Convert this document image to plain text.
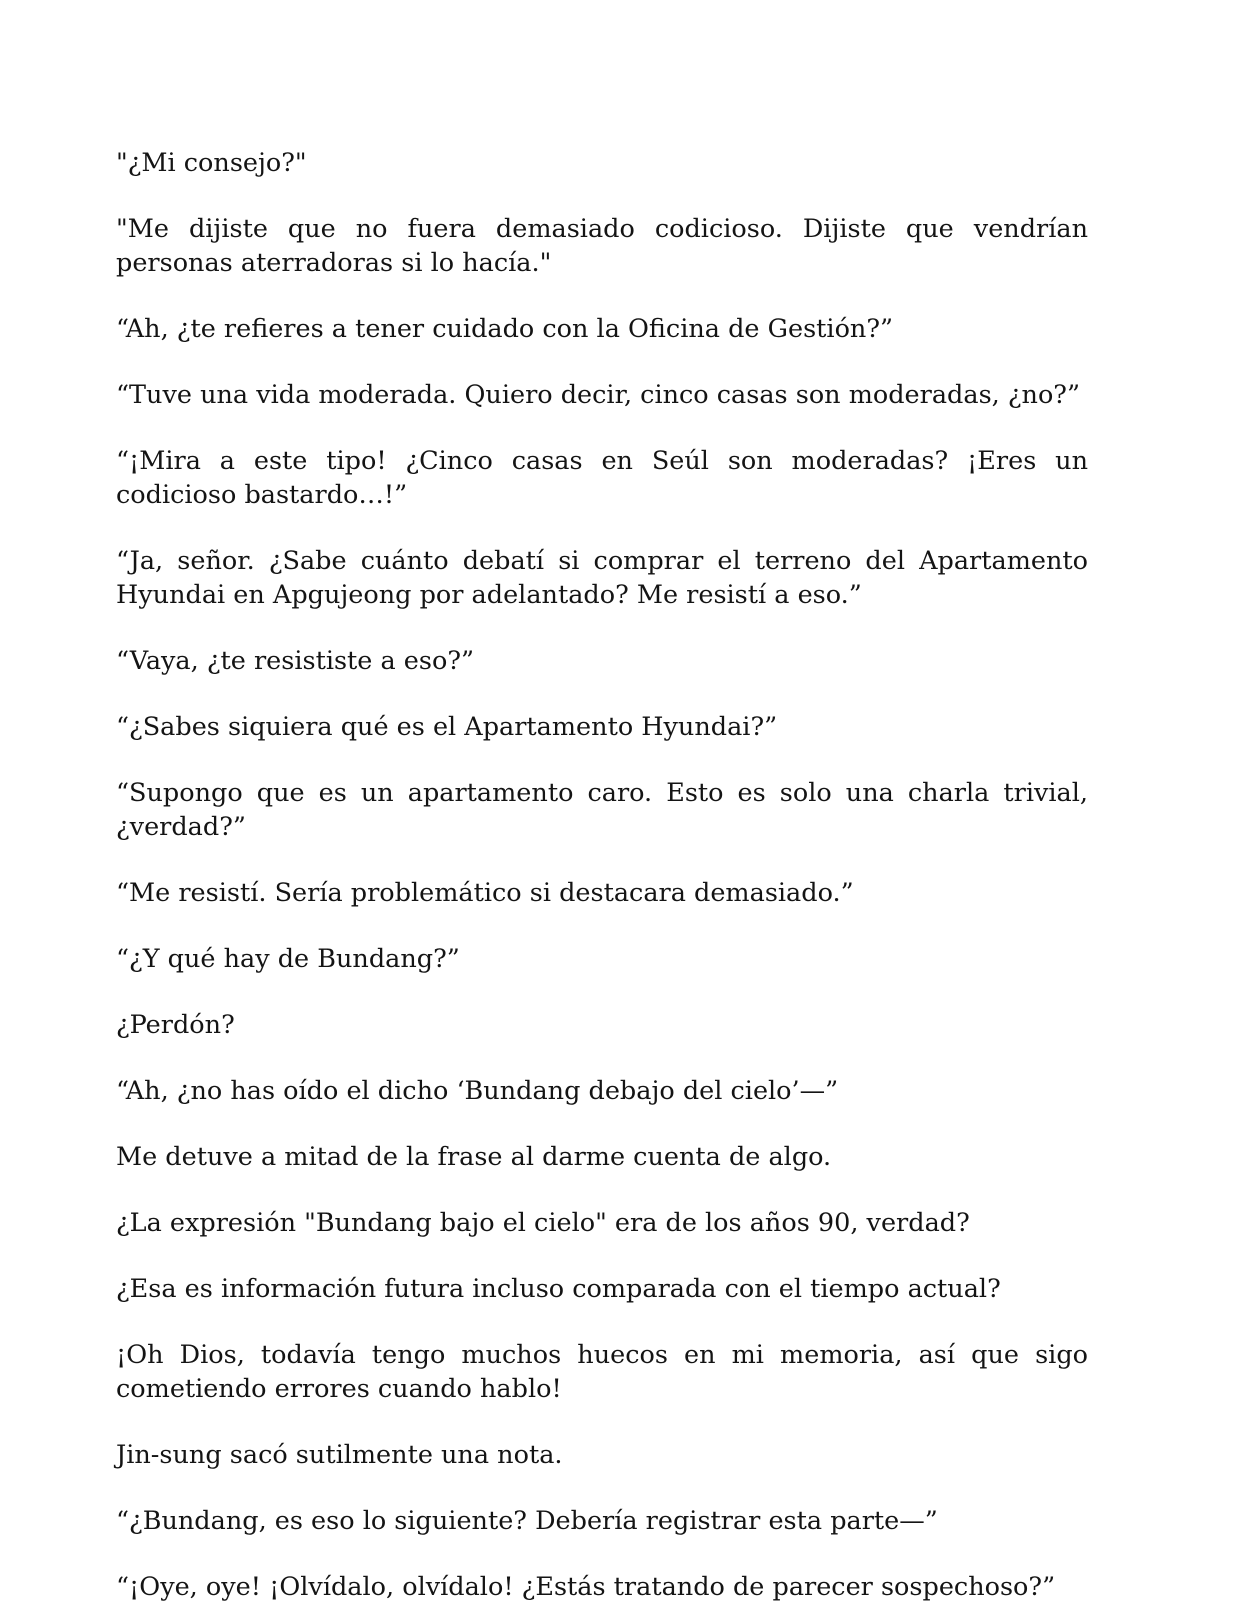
"¿Mi consejo?"

"Me dijiste que no fuera demasiado codicioso. Dijiste que vendrían personas aterradoras si lo hacía."

“Ah, ¿te refieres a tener cuidado con la Oficina de Gestión?”

“Tuve una vida moderada. Quiero decir, cinco casas son moderadas, ¿no?”

“¡Mira a este tipo! ¿Cinco casas en Seúl son moderadas? ¡Eres un codicioso bastardo…!”

“Ja, señor. ¿Sabe cuánto debatí si comprar el terreno del Apartamento Hyundai en Apgujeong por adelantado? Me resistí a eso.”

“Vaya, ¿te resististe a eso?”

“¿Sabes siquiera qué es el Apartamento Hyundai?”

“Supongo que es un apartamento caro. Esto es solo una charla trivial, ¿verdad?”

“Me resistí. Sería problemático si destacara demasiado.”

“¿Y qué hay de Bundang?”

¿Perdón?

“Ah, ¿no has oído el dicho ‘Bundang debajo del cielo’—”

Me detuve a mitad de la frase al darme cuenta de algo.

¿La expresión "Bundang bajo el cielo" era de los años 90, verdad?

¿Esa es información futura incluso comparada con el tiempo actual?

¡Oh Dios, todavía tengo muchos huecos en mi memoria, así que sigo cometiendo errores cuando hablo!

Jin-sung sacó sutilmente una nota.

“¿Bundang, es eso lo siguiente? Debería registrar esta parte—”

“¡Oye, oye! ¡Olvídalo, olvídalo! ¿Estás tratando de parecer sospechoso?”
